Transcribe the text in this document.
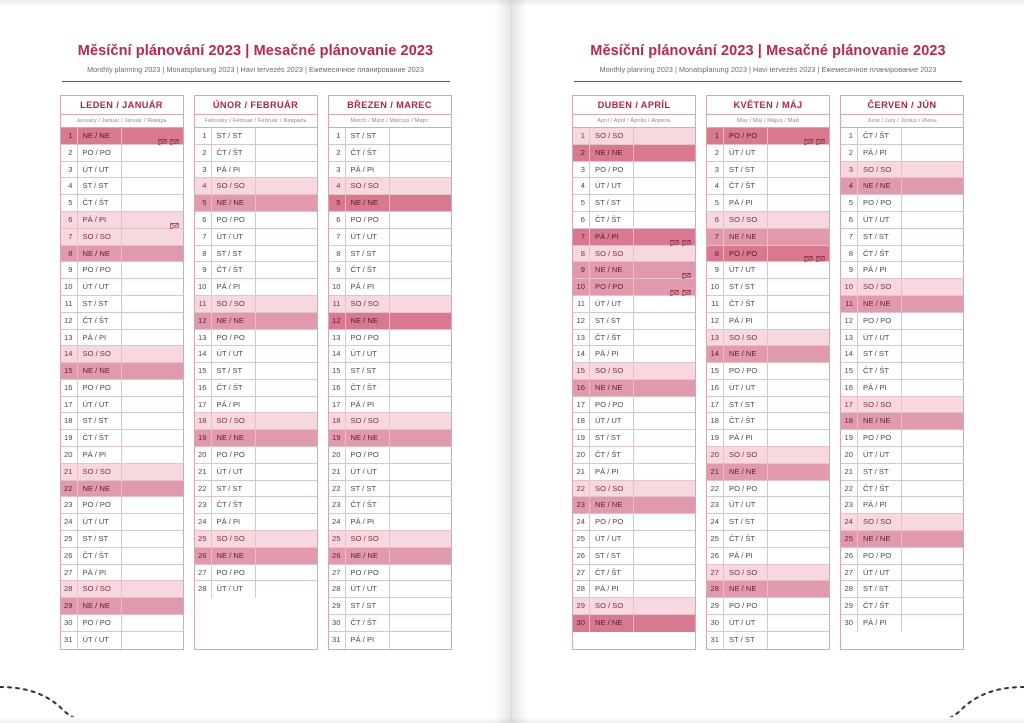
Měsíční plánování 2023 | Mesačné plánovanie 2023
Monthly planning 2023 | Monatsplanung 2023 | Havi tervezés 2023 | Ежемесячное планирование 2023
LEDEN / JANUÁR
January / Januar / Január / Январь
1	NE / NE
2	PO / PO
3	ÚT / UT
4	ST / ST
5	ČT / ŠT
6	PÁ / PI
7	SO / SO
8	NE / NE
9	PO / PO
10	ÚT / UT
11	ST / ST
12	ČT / ŠT
13	PÁ / PI
14	SO / SO
15	NE / NE
16	PO / PO
17	ÚT / UT
18	ST / ST
19	ČT / ŠT
20	PÁ / PI
21	SO / SO
22	NE / NE
23	PO / PO
24	ÚT / UT
25	ST / ST
26	ČT / ŠT
27	PÁ / PI
28	SO / SO
29	NE / NE
30	PO / PO
31	ÚT / UT
ÚNOR / FEBRUÁR
February / Februar / Február / Февраль
1	ST / ST
2	ČT / ŠT
3	PÁ / PI
4	SO / SO
5	NE / NE
6	PO / PO
7	ÚT / UT
8	ST / ST
9	ČT / ŠT
10	PÁ / PI
11	SO / SO
12	NE / NE
13	PO / PO
14	ÚT / UT
15	ST / ST
16	ČT / ŠT
17	PÁ / PI
18	SO / SO
19	NE / NE
20	PO / PO
21	ÚT / UT
22	ST / ST
23	ČT / ŠT
24	PÁ / PI
25	SO / SO
26	NE / NE
27	PO / PO
28	ÚT / UT
BŘEZEN / MAREC
March / März / Március / Март
1	ST / ST
2	ČT / ŠT
3	PÁ / PI
4	SO / SO
5	NE / NE
6	PO / PO
7	ÚT / UT
8	ST / ST
9	ČT / ŠT
10	PÁ / PI
11	SO / SO
12	NE / NE
13	PO / PO
14	ÚT / UT
15	ST / ST
16	ČT / ŠT
17	PÁ / PI
18	SO / SO
19	NE / NE
20	PO / PO
21	ÚT / UT
22	ST / ST
23	ČT / ŠT
24	PÁ / PI
25	SO / SO
26	NE / NE
27	PO / PO
28	ÚT / UT
29	ST / ST
30	ČT / ŠT
31	PÁ / PI
Měsíční plánování 2023 | Mesačné plánovanie 2023
Monthly planning 2023 | Monatsplanung 2023 | Havi tervezés 2023 | Ежемесячное планирование 2023
DUBEN / APRÍL
April / April / Április / Апрель
1	SO / SO
2	NE / NE
3	PO / PO
4	ÚT / UT
5	ST / ST
6	ČT / ŠT
7	PÁ / PI
8	SO / SO
9	NE / NE
10	PO / PO
11	ÚT / UT
12	ST / ST
13	ČT / ŠT
14	PÁ / PI
15	SO / SO
16	NE / NE
17	PO / PO
18	ÚT / UT
19	ST / ST
20	ČT / ŠT
21	PÁ / PI
22	SO / SO
23	NE / NE
24	PO / PO
25	ÚT / UT
26	ST / ST
27	ČT / ŠT
28	PÁ / PI
29	SO / SO
30	NE / NE
KVĚTEN / MÁJ
May / Mai / Május / Май
1	PO / PO
2	ÚT / UT
3	ST / ST
4	ČT / ŠT
5	PÁ / PI
6	SO / SO
7	NE / NE
8	PO / PO
9	ÚT / UT
10	ST / ST
11	ČT / ŠT
12	PÁ / PI
13	SO / SO
14	NE / NE
15	PO / PO
16	ÚT / UT
17	ST / ST
18	ČT / ŠT
19	PÁ / PI
20	SO / SO
21	NE / NE
22	PO / PO
23	ÚT / UT
24	ST / ST
25	ČT / ŠT
26	PÁ / PI
27	SO / SO
28	NE / NE
29	PO / PO
30	ÚT / UT
31	ST / ST
ČERVEN / JÚN
June / Juni / Június / Июнь
1	ČT / ŠT
2	PÁ / PI
3	SO / SO
4	NE / NE
5	PO / PO
6	ÚT / UT
7	ST / ST
8	ČT / ŠT
9	PÁ / PI
10	SO / SO
11	NE / NE
12	PO / PO
13	ÚT / UT
14	ST / ST
15	ČT / ŠT
16	PÁ / PI
17	SO / SO
18	NE / NE
19	PO / PO
20	ÚT / UT
21	ST / ST
22	ČT / ŠT
23	PÁ / PI
24	SO / SO
25	NE / NE
26	PO / PO
27	ÚT / UT
28	ST / ST
29	ČT / ŠT
30	PÁ / PI
